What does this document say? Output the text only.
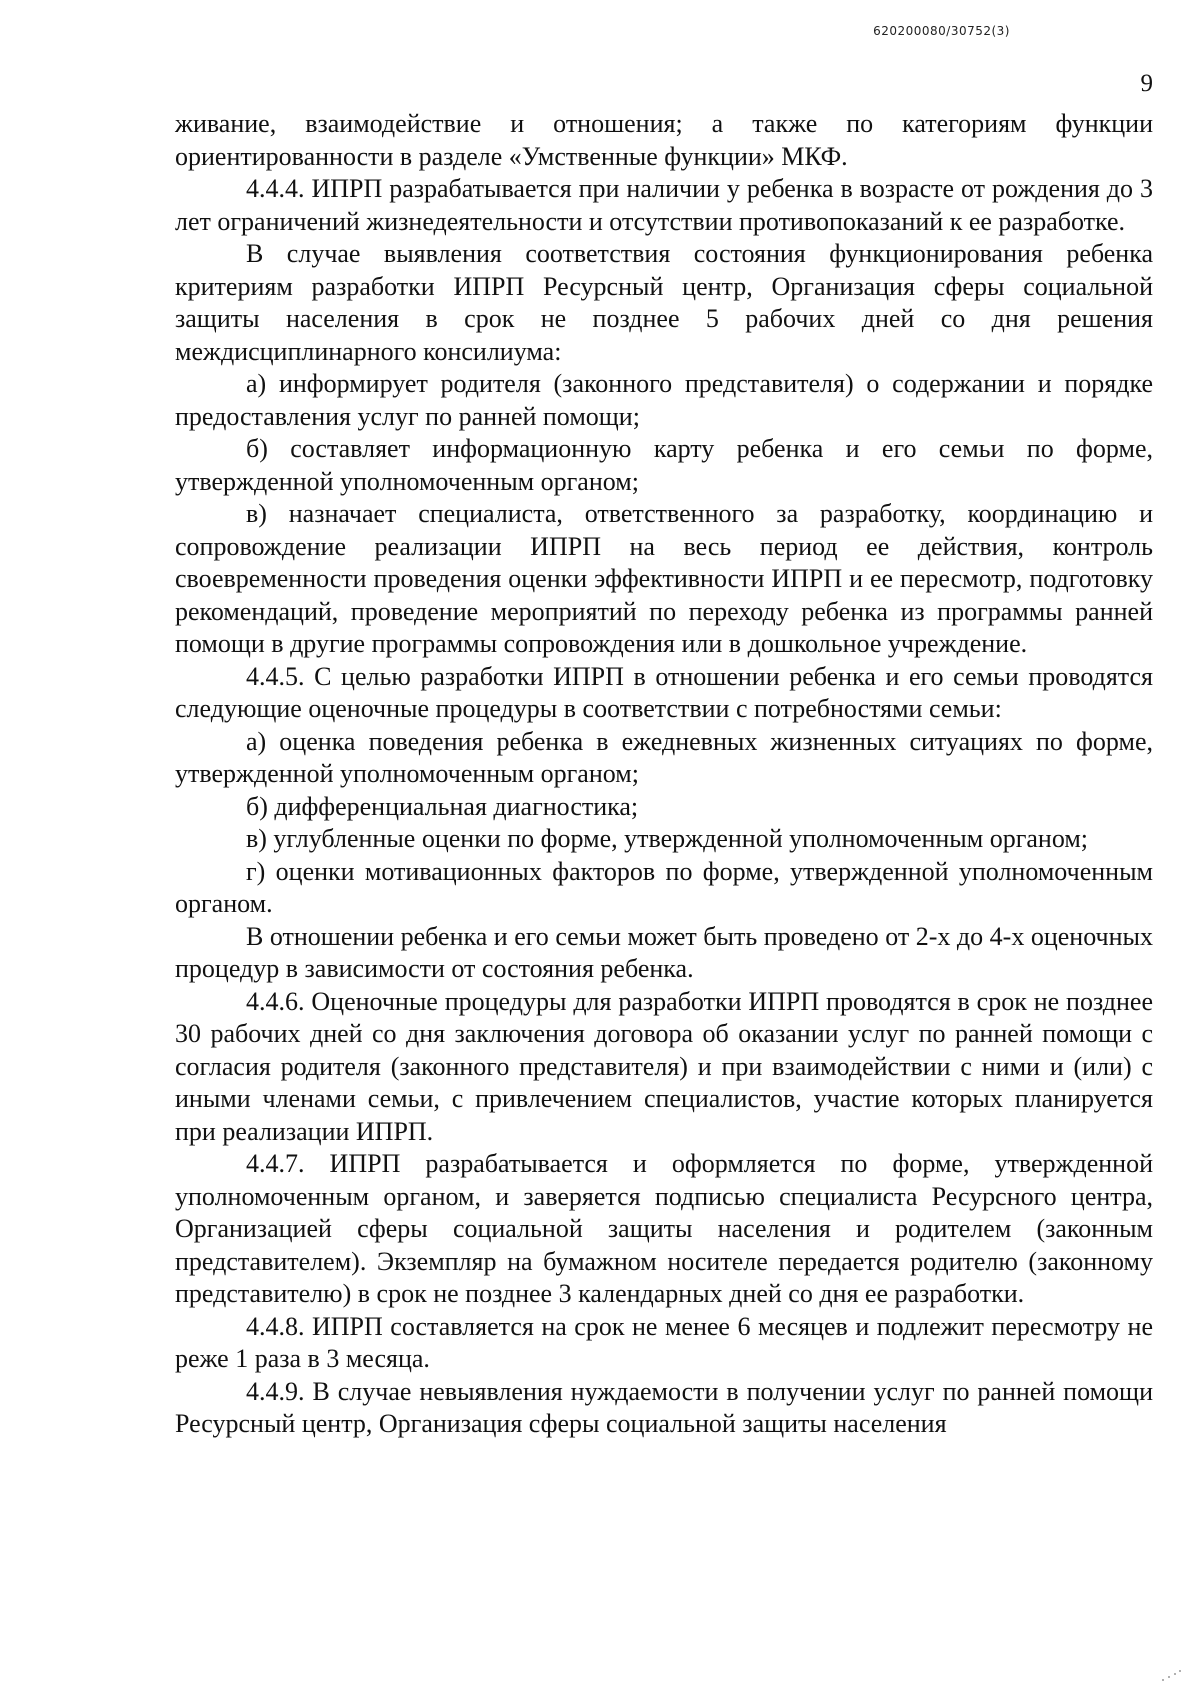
620200080/30752(3)
9

живание, взаимодействие и отношения; а также по категориям функции ориентированности в разделе «Умственные функции» МКФ.

4.4.4. ИПРП разрабатывается при наличии у ребенка в возрасте от рождения до 3 лет ограничений жизнедеятельности и отсутствии противопоказаний к ее разработке.

В случае выявления соответствия состояния функционирования ребенка критериям разработки ИПРП Ресурсный центр, Организация сферы социальной защиты населения в срок не позднее 5 рабочих дней со дня решения междисциплинарного консилиума:

а) информирует родителя (законного представителя) о содержании и порядке предоставления услуг по ранней помощи;

б) составляет информационную карту ребенка и его семьи по форме, утвержденной уполномоченным органом;

в) назначает специалиста, ответственного за разработку, координацию и сопровождение реализации ИПРП на весь период ее действия, контроль своевременности проведения оценки эффективности ИПРП и ее пересмотр, подготовку рекомендаций, проведение мероприятий по переходу ребенка из программы ранней помощи в другие программы сопровождения или в дошкольное учреждение.

4.4.5. С целью разработки ИПРП в отношении ребенка и его семьи проводятся следующие оценочные процедуры в соответствии с потребностями семьи:

а) оценка поведения ребенка в ежедневных жизненных ситуациях по форме, утвержденной уполномоченным органом;

б) дифференциальная диагностика;

в) углубленные оценки по форме, утвержденной уполномоченным органом;

г) оценки мотивационных факторов по форме, утвержденной уполномоченным органом.

В отношении ребенка и его семьи может быть проведено от 2-х до 4-х оценочных процедур в зависимости от состояния ребенка.

4.4.6. Оценочные процедуры для разработки ИПРП проводятся в срок не позднее 30 рабочих дней со дня заключения договора об оказании услуг по ранней помощи с согласия родителя (законного представителя) и при взаимодействии с ними и (или) с иными членами семьи, с привлечением специалистов, участие которых планируется при реализации ИПРП.

4.4.7. ИПРП разрабатывается и оформляется по форме, утвержденной уполномоченным органом, и заверяется подписью специалиста Ресурсного центра, Организацией сферы социальной защиты населения и родителем (законным представителем). Экземпляр на бумажном носителе передается родителю (законному представителю) в срок не позднее 3 календарных дней со дня ее разработки.

4.4.8. ИПРП составляется на срок не менее 6 месяцев и подлежит пересмотру не реже 1 раза в 3 месяца.

4.4.9. В случае невыявления нуждаемости в получении услуг по ранней помощи Ресурсный центр, Организация сферы социальной защиты населения
